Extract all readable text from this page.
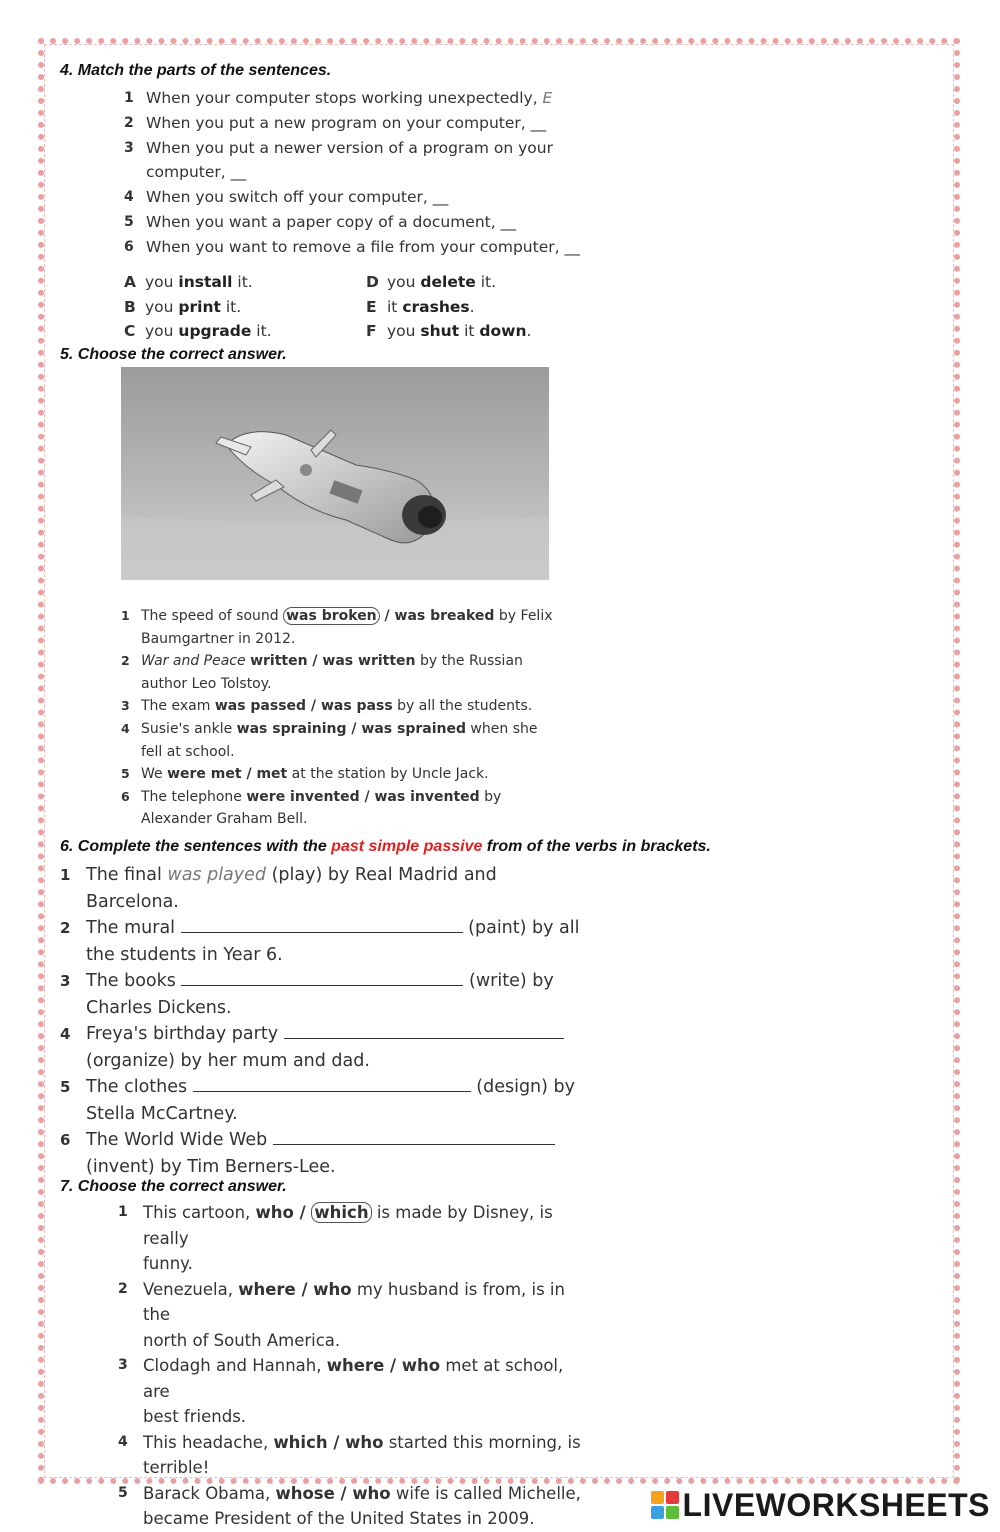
4. Match the parts of the sentences.

1 When your computer stops working unexpectedly, E
2 When you put a new program on your computer, __
3 When you put a newer version of a program on your
computer, __
4 When you switch off your computer, __
5 When you want a paper copy of a document, __
6 When you want to remove a file from your computer, __
A you install it.	D you delete it.
B you print it.	E it crashes.
C you upgrade it.	F you shut it down.

5. Choose the correct answer.

1 The speed of sound was broken / was breaked by Felix
Baumgartner in 2012.
2 War and Peace written / was written by the Russian
author Leo Tolstoy.
3 The exam was passed / was pass by all the students.
4 Susie's ankle was spraining / was sprained when she
fell at school.
5 We were met / met at the station by Uncle Jack.
6 The telephone were invented / was invented by
Alexander Graham Bell.

6. Complete the sentences with the past simple passive from of the verbs in brackets.

1 The final was played (play) by Real Madrid and Barcelona.
2 The mural	(paint) by all
the students in Year 6.
3 The books	(write) by
Charles Dickens.
4 Freya's birthday party
(organize) by her mum and dad.
5 The clothes	(design) by
Stella McCartney.
6 The World Wide Web
(invent) by Tim Berners-Lee.

7. Choose the correct answer.

1 This cartoon, who / which is made by Disney, is really
funny.
2 Venezuela, where / who my husband is from, is in the
north of South America.
3 Clodagh and Hannah, where / who met at school, are
best friends.
4 This headache, which / who started this morning, is
terrible!
5 Barack Obama, whose / who wife is called Michelle,
became President of the United States in 2009.	LIVEWORKSHEETS
